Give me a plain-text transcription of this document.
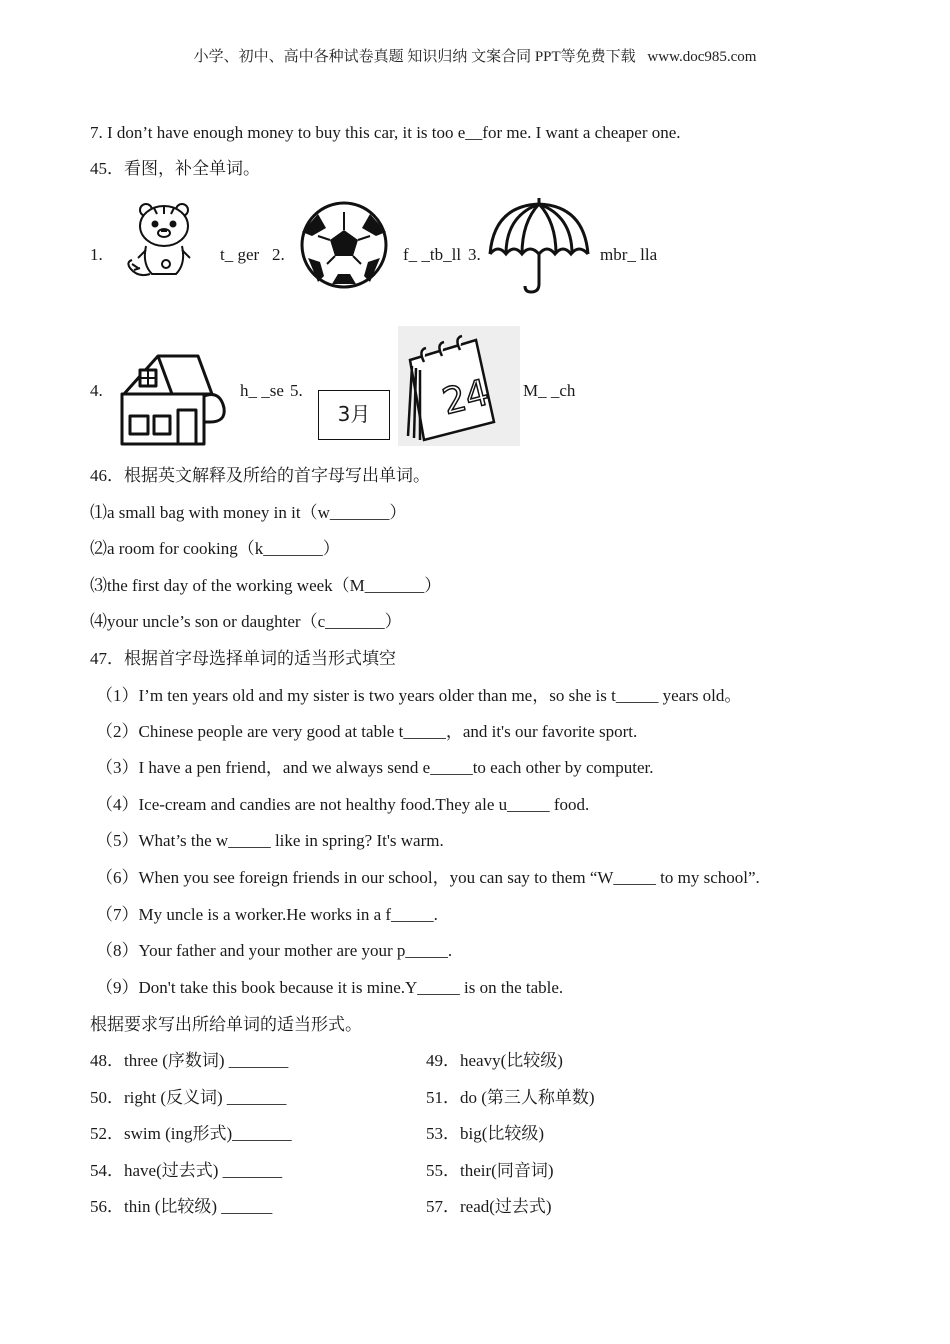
小学、初中、高中各种试卷真题 知识归纳 文案合同 PPT等免费下载 www.doc985.com
7. I don’t have enough money to buy this car, it is too e__for me. I want a cheaper one.
45．看图，补全单词。
1.	t_ ger 2.	f_ _tb_ll 3.	mbr_ lla
4.	h_ _se 5.
3月	24 M_ _ch
46．根据英文解释及所给的首字母写出单词。
⑴a small bag with money in it（w_______）
⑵a room for cooking（k_______）
⑶the first day of the working week（M_______）
⑷your uncle’s son or daughter（c_______）
47．根据首字母选择单词的适当形式填空
（1）I’m ten years old and my sister is two years older than me，so she is t_____ years old。
（2）Chinese people are very good at table t_____，and it's our favorite sport.
（3）I have a pen friend，and we always send e_____to each other by computer.
（4）Ice-cream and candies are not healthy food.They ale u_____ food.
（5）What’s the w_____ like in spring? It's warm.
（6）When you see foreign friends in our school，you can say to them “W_____ to my school”.
（7）My uncle is a worker.He works in a f_____.
（8）Your father and your mother are your p_____.
（9）Don't take this book because it is mine.Y_____ is on the table.
根据要求写出所给单词的适当形式。
48．three (序数词) _______	49．heavy(比较级)
50．right (反义词) _______	51．do (第三人称单数)
52．swim (ing形式)_______	53．big(比较级)
54．have(过去式) _______	55．their(同音词)
56．thin (比较级) ______	57．read(过去式)
